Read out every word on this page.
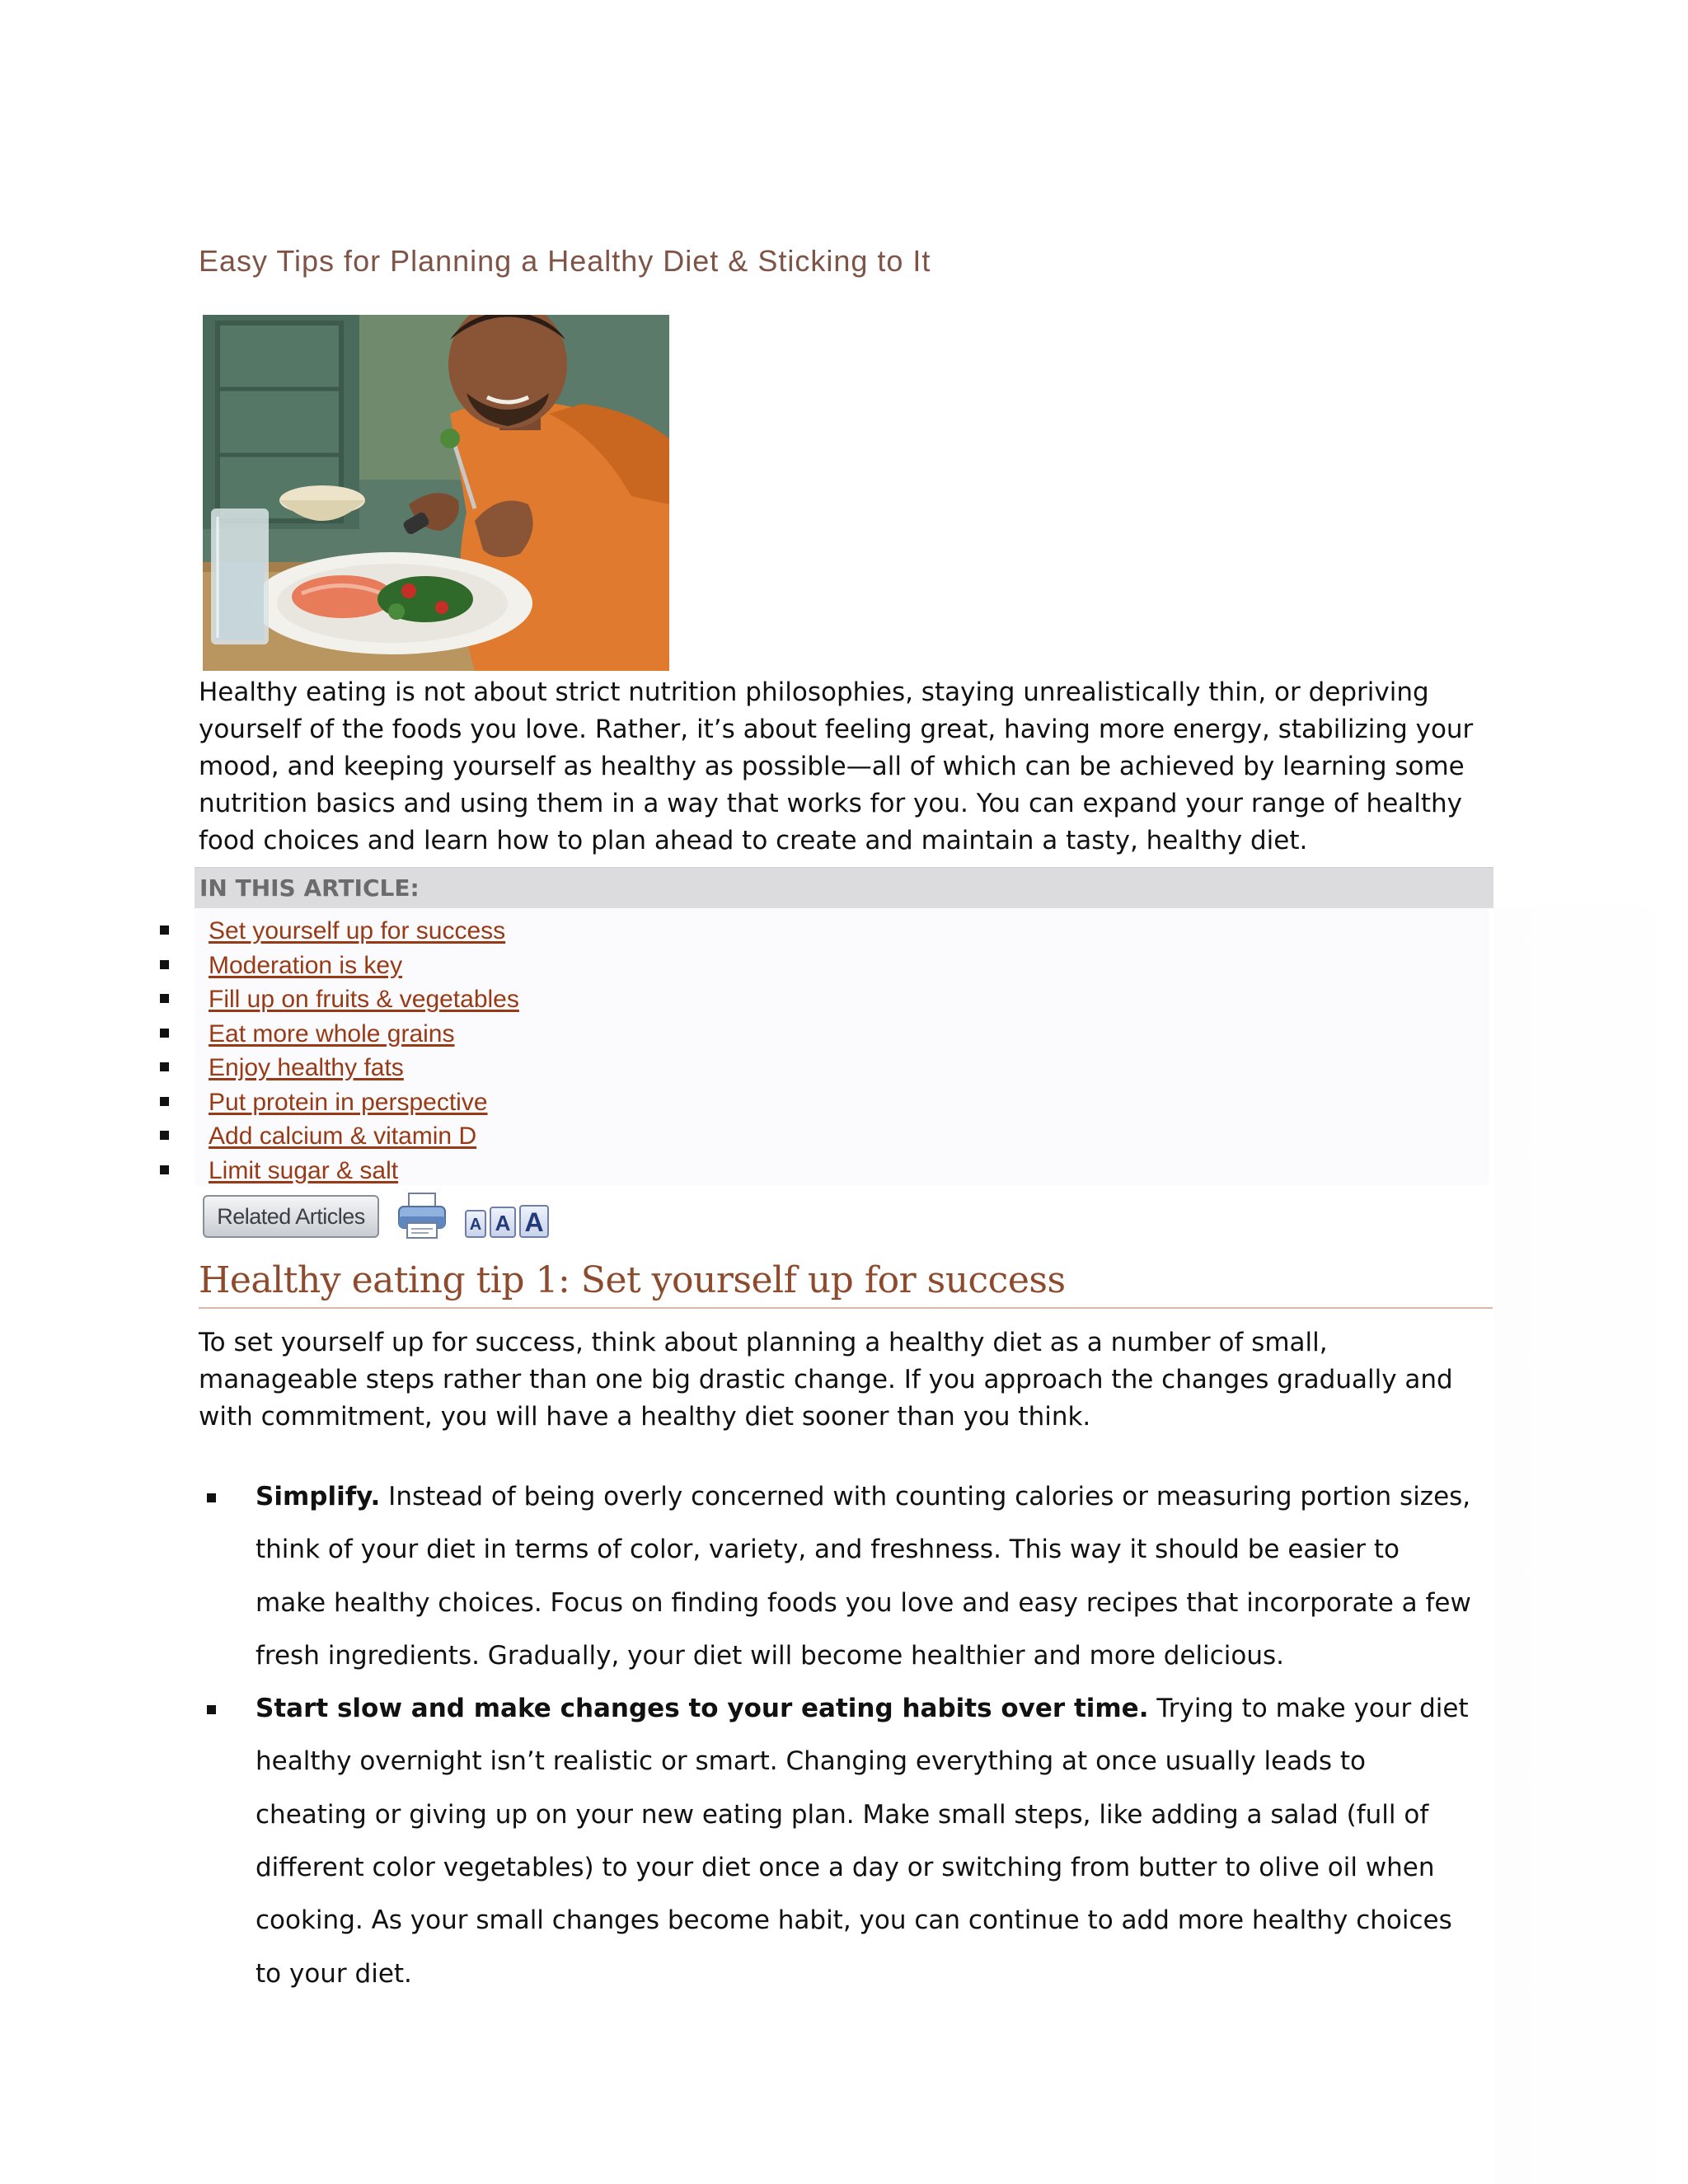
Easy Tips for Planning a Healthy Diet & Sticking to It

Healthy eating is not about strict nutrition philosophies, staying unrealistically thin, or depriving yourself of the foods you love. Rather, it’s about feeling great, having more energy, stabilizing your mood, and keeping yourself as healthy as possible—all of which can be achieved by learning some nutrition basics and using them in a way that works for you. You can expand your range of healthy food choices and learn how to plan ahead to create and maintain a tasty, healthy diet.

IN THIS ARTICLE:
Set yourself up for success
Moderation is key
Fill up on fruits & vegetables
Eat more whole grains
Enjoy healthy fats
Put protein in perspective
Add calcium & vitamin D
Limit sugar & salt
Related Articles	A A A
Healthy eating tip 1: Set yourself up for success

To set yourself up for success, think about planning a healthy diet as a number of small, manageable steps rather than one big drastic change. If you approach the changes gradually and with commitment, you will have a healthy diet sooner than you think.

Simplify. Instead of being overly concerned with counting calories or measuring portion sizes, think of your diet in terms of color, variety, and freshness. This way it should be easier to make healthy choices. Focus on finding foods you love and easy recipes that incorporate a few fresh ingredients. Gradually, your diet will become healthier and more delicious.
Start slow and make changes to your eating habits over time. Trying to make your diet healthy overnight isn’t realistic or smart. Changing everything at once usually leads to cheating or giving up on your new eating plan. Make small steps, like adding a salad (full of different color vegetables) to your diet once a day or switching from butter to olive oil when cooking. As your small changes become habit, you can continue to add more healthy choices to your diet.
